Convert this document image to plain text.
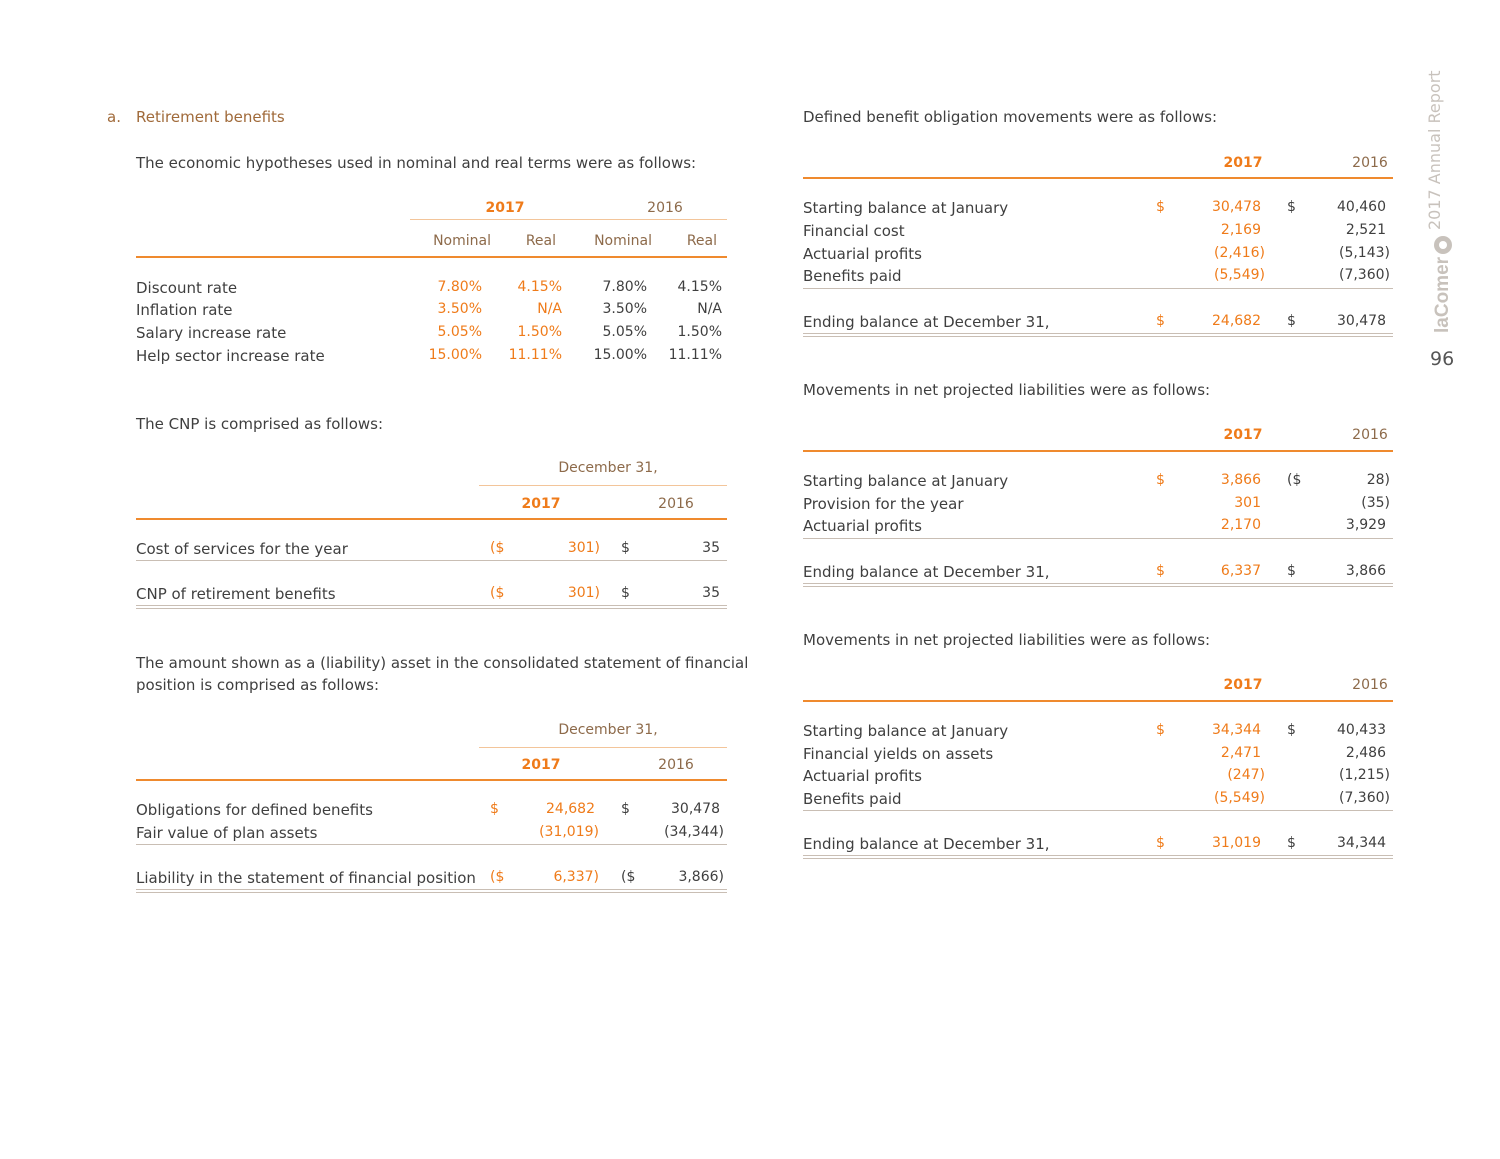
2017 Annual Report
laComer
96
a. Retirement benefits
The economic hypotheses used in nominal and real terms were as follows:
2017	2016
Nominal	Real	Nominal	Real
Discount rate	7.80%	4.15%	7.80%	4.15%
Inflation rate	3.50%	N/A	3.50%	N/A
Salary increase rate	5.05%	1.50%	5.05%	1.50%
Help sector increase rate	15.00%	11.11%	15.00%	11.11%
The CNP is comprised as follows:
December 31,
2017	2016
Cost of services for the year	($	301) $	35
CNP of retirement benefits	($	301) $	35
The amount shown as a (liability) asset in the consolidated statement of financial
position is comprised as follows:
December 31,
2017	2016
Obligations for defined benefits	$	24,682 $	30,478
Fair value of plan assets	(31,019)	(34,344)
Liability in the statement of financial position ($	6,337) ($	3,866)
Defined benefit obligation movements were as follows:
2017	2016
Starting balance at January	$	30,478 $	40,460
Financial cost	2,169	2,521
Actuarial profits	(2,416)	(5,143)
Benefits paid	(5,549)	(7,360)
Ending balance at December 31,	$	24,682 $	30,478
Movements in net projected liabilities were as follows:
2017	2016
Starting balance at January	$	3,866 ($	28)
Provision for the year	301	(35)
Actuarial profits	2,170	3,929
Ending balance at December 31,	$	6,337 $	3,866
Movements in net projected liabilities were as follows:
2017	2016
Starting balance at January	$	34,344 $	40,433
Financial yields on assets	2,471	2,486
Actuarial profits	(247)	(1,215)
Benefits paid	(5,549)	(7,360)
Ending balance at December 31,	$	31,019 $	34,344
